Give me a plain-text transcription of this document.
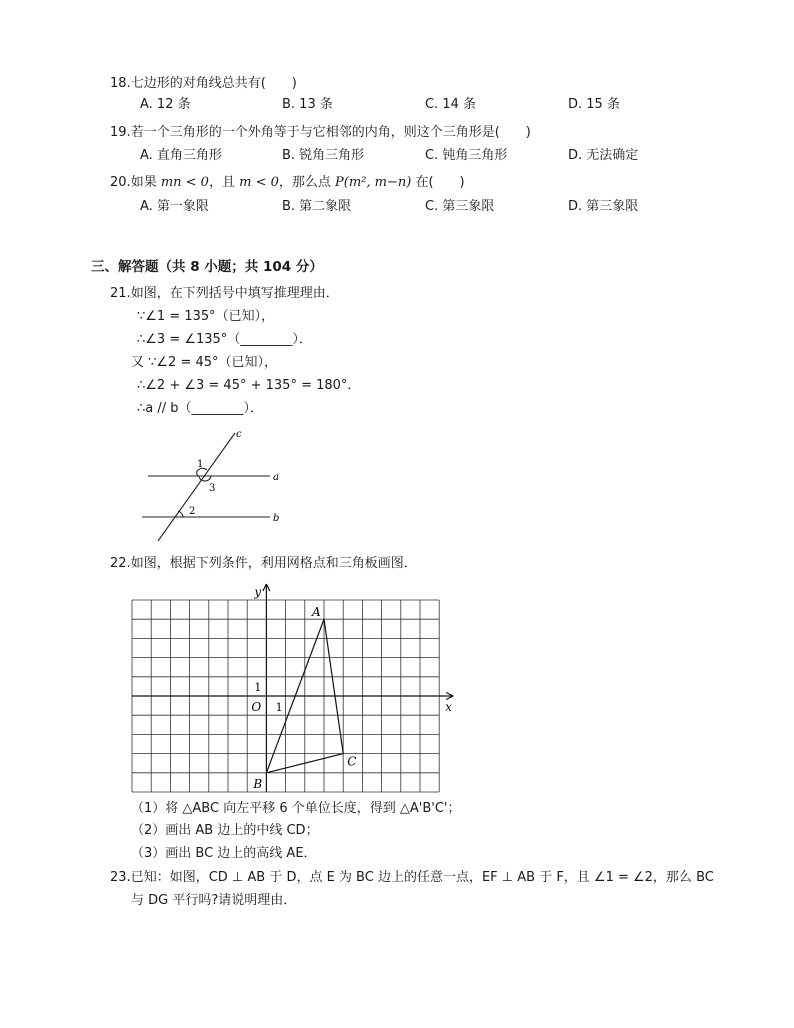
18.七边形的对角线总共有(　　)
A. 12 条	B. 13 条	C. 14 条	D. 15 条
19.若一个三角形的一个外角等于与它相邻的内角，则这个三角形是(　　)
A. 直角三角形	B. 锐角三角形	C. 钝角三角形	D. 无法确定
20.如果 mn < 0，且 m < 0，那么点 P(m², m−n) 在(　　)
A. 第一象限	B. 第二象限	C. 第三象限	D. 第三象限
三、解答题（共 8 小题；共 104 分）
21.如图，在下列括号中填写推理理由．
∵∠1 = 135°（已知），
∴∠3 = ∠135°（________）．
又 ∵∠2 = 45°（已知），
∴∠2 + ∠3 = 45° + 135° = 180°．
∴a // b（________）．
c
1
3
a
2
b
22.如图，根据下列条件，利用网格点和三角板画图．
y
x
O 1
1
A
B
C
（1）将 △ABC 向左平移 6 个单位长度，得到 △A'B'C'；
（2）画出 AB 边上的中线 CD；
（3）画出 BC 边上的高线 AE．
23.已知：如图，CD ⊥ AB 于 D，点 E 为 BC 边上的任意一点，EF ⊥ AB 于 F，且 ∠1 = ∠2，那么 BC
与 DG 平行吗?请说明理由．
